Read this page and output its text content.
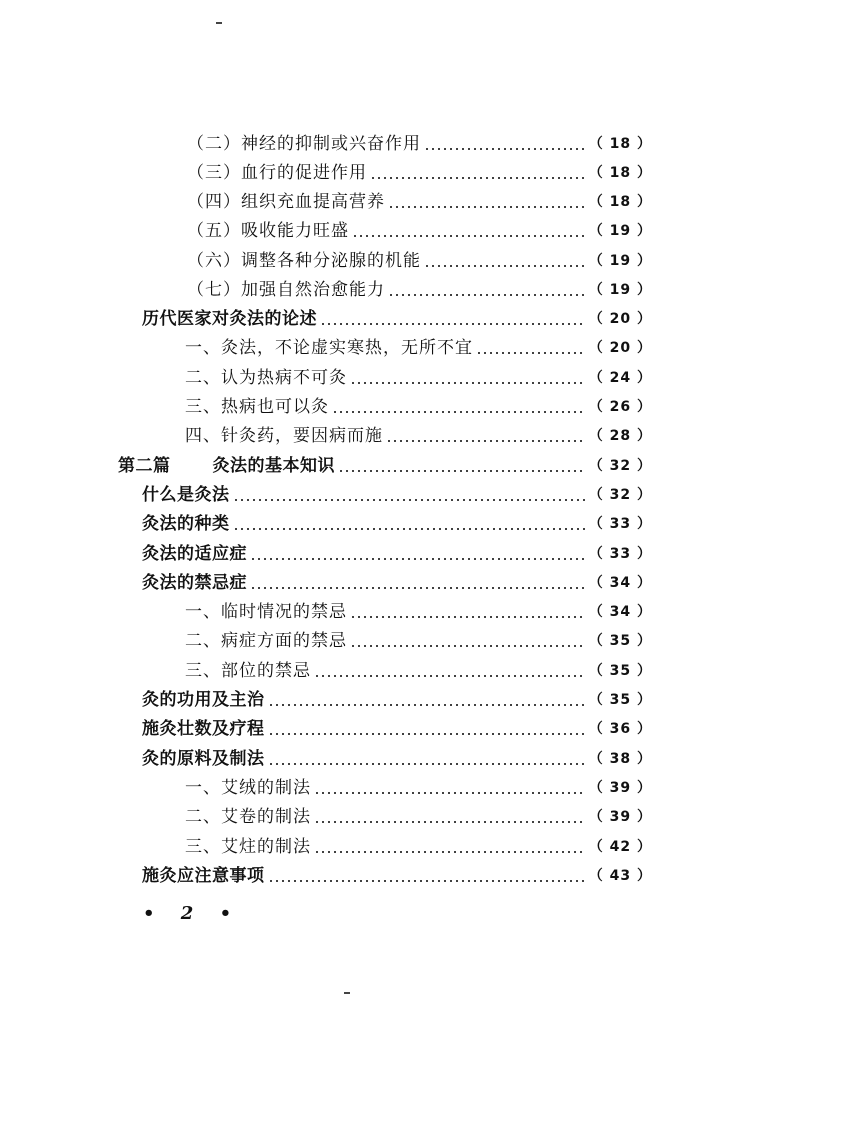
（二）神经的抑制或兴奋作用	（ 18 ）
（三）血行的促进作用	（ 18 ）
（四）组织充血提高营养	（ 18 ）
（五）吸收能力旺盛	（ 19 ）
（六）调整各种分泌腺的机能	（ 19 ）
（七）加强自然治愈能力	（ 19 ）
历代医家对灸法的论述	（ 20 ）
一、灸法，不论虚实寒热，无所不宜	（ 20 ）
二、认为热病不可灸	（ 24 ）
三、热病也可以灸	（ 26 ）
四、针灸药，要因病而施	（ 28 ）
第二篇 灸法的基本知识	（ 32 ）
什么是灸法	（ 32 ）
灸法的种类	（ 33 ）
灸法的适应症	（ 33 ）
灸法的禁忌症	（ 34 ）
一、临时情况的禁忌	（ 34 ）
二、病症方面的禁忌	（ 35 ）
三、部位的禁忌	（ 35 ）
灸的功用及主治	（ 35 ）
施灸壮数及疗程	（ 36 ）
灸的原料及制法	（ 38 ）
一、艾绒的制法	（ 39 ）
二、艾卷的制法	（ 39 ）
三、艾炷的制法	（ 42 ）
施灸应注意事项	（ 43 ）
• 2 •
